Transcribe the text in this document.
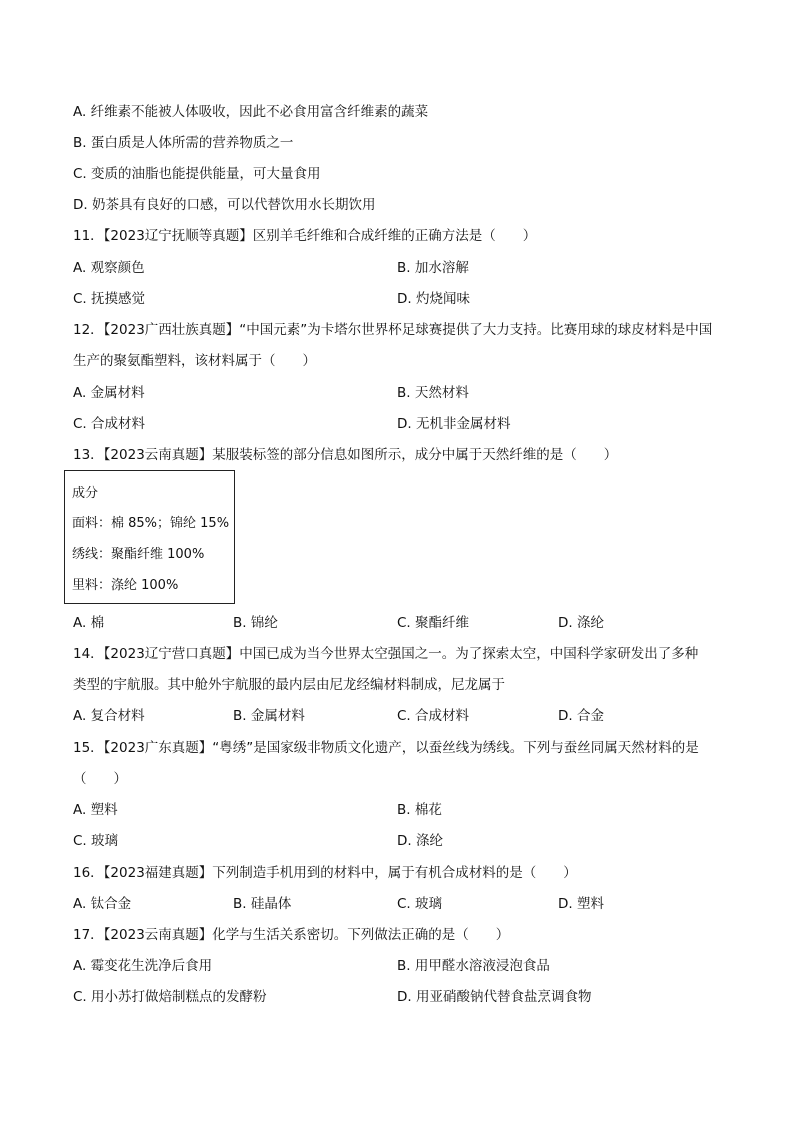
A. 纤维素不能被人体吸收，因此不必食用富含纤维素的蔬菜
B. 蛋白质是人体所需的营养物质之一
C. 变质的油脂也能提供能量，可大量食用
D. 奶茶具有良好的口感，可以代替饮用水长期饮用
11．【2023辽宁抚顺等真题】区别羊毛纤维和合成纤维的正确方法是（　　）
A. 观察颜色	B. 加水溶解
C. 抚摸感觉	D. 灼烧闻味
12．【2023广西壮族真题】“中国元素”为卡塔尔世界杯足球赛提供了大力支持。比赛用球的球皮材料是中国
生产的聚氨酯塑料，该材料属于（　　）
A. 金属材料	B. 天然材料
C. 合成材料	D. 无机非金属材料
13．【2023云南真题】某服装标签的部分信息如图所示，成分中属于天然纤维的是（　　）
成分
面料：棉 85%；锦纶 15%
绣线：聚酯纤维 100%
里料：涤纶 100%
A. 棉	B. 锦纶	C. 聚酯纤维	D. 涤纶
14．【2023辽宁营口真题】中国已成为当今世界太空强国之一。为了探索太空，中国科学家研发出了多种
类型的宇航服。其中舱外宇航服的最内层由尼龙经编材料制成，尼龙属于
A. 复合材料	B. 金属材料	C. 合成材料	D. 合金
15．【2023广东真题】“粤绣”是国家级非物质文化遗产，以蚕丝线为绣线。下列与蚕丝同属天然材料的是
（　　）
A. 塑料	B. 棉花
C. 玻璃	D. 涤纶
16．【2023福建真题】下列制造手机用到的材料中，属于有机合成材料的是（　　）
A. 钛合金	B. 硅晶体	C. 玻璃	D. 塑料
17．【2023云南真题】化学与生活关系密切。下列做法正确的是（　　）
A. 霉变花生洗净后食用	B. 用甲醛水溶液浸泡食品
C. 用小苏打做焙制糕点的发酵粉	D. 用亚硝酸钠代替食盐烹调食物
